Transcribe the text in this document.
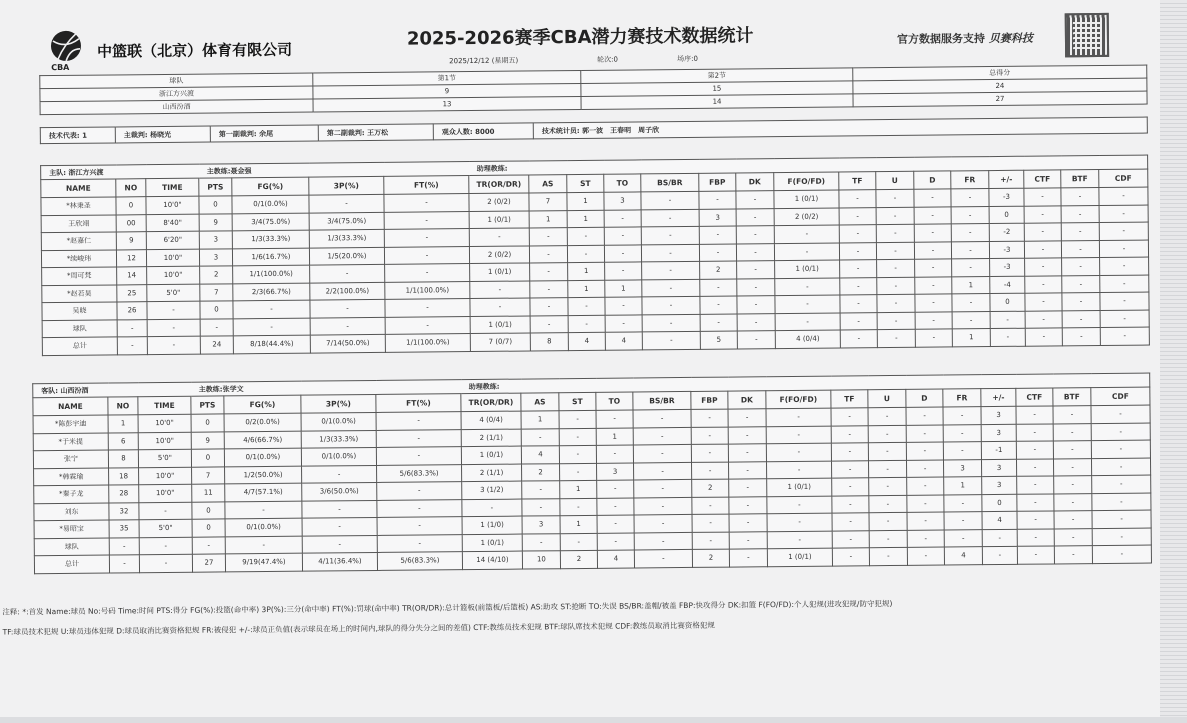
CBA
中篮联（北京）体育有限公司
2025-2026赛季CBA潜力赛技术数据统计
2025/12/12 (星期五)	轮次:0	场序:0
官方数据服务支持 贝赛科技
球队	第1节	第2节	总得分
浙江方兴渡	9	15	24
山西汾酒	13	14	27
技术代表: 1	主裁判: 杨晓光	第一副裁判: 余尾	第二副裁判: 王万松	观众人数: 8000	技术统计员: 郭一波　王春明　周子欣
主队: 浙江方兴渡			主教练:聂金强				助理教练:															
NAME	NO	TIME	PTS	FG(%)	3P(%)	FT(%)	TR(OR/DR)	AS	ST	TO	BS/BR	FBP	DK	F(FO/FD)	TF	U	D	FR	+/-	CTF	BTF	CDF
*林秉圣	0	10'0"	0	0/1(0.0%)	-	-	2 (0/2)	7	1	3	-	-	-	1 (0/1)	-	-	-	-	-3	-	-	-
王欣翊	00	8'40"	9	3/4(75.0%)	3/4(75.0%)	-	1 (0/1)	1	1	-	-	3	-	2 (0/2)	-	-	-	-	0	-	-	-
*赵嘉仁	9	6'20"	3	1/3(33.3%)	1/3(33.3%)	-	-	-	-	-	-	-	-	-	-	-	-	-	-2	-	-	-
*续峻玮	12	10'0"	3	1/6(16.7%)	1/5(20.0%)	-	2 (0/2)	-	-	-	-	-	-	-	-	-	-	-	-3	-	-	-
*周可梵	14	10'0"	2	1/1(100.0%)	-	-	1 (0/1)	-	1	-	-	2	-	1 (0/1)	-	-	-	-	-3	-	-	-
*赵若昊	25	5'0"	7	2/3(66.7%)	2/2(100.0%)	1/1(100.0%)	-	-	1	1	-	-	-	-	-	-	-	1	-4	-	-	-
吴晓	26	-	0	-	-	-	-	-	-	-	-	-	-	-	-	-	-	-	0	-	-	-
球队	-	-	-	-	-	-	1 (0/1)	-	-	-	-	-	-	-	-	-	-	-	-	-	-	-
总计	-	-	24	8/18(44.4%)	7/14(50.0%)	1/1(100.0%)	7 (0/7)	8	4	4	-	5	-	4 (0/4)	-	-	-	1	-	-	-	-
客队: 山西汾酒			主教练:张学文				助理教练:															
NAME	NO	TIME	PTS	FG(%)	3P(%)	FT(%)	TR(OR/DR)	AS	ST	TO	BS/BR	FBP	DK	F(FO/FD)	TF	U	D	FR	+/-	CTF	BTF	CDF
*陈彭宇迪	1	10'0"	0	0/2(0.0%)	0/1(0.0%)	-	4 (0/4)	1	-	-	-	-	-	-	-	-	-	-	3	-	-	-
*于米提	6	10'0"	9	4/6(66.7%)	1/3(33.3%)	-	2 (1/1)	-	-	1	-	-	-	-	-	-	-	-	3	-	-	-
张宁	8	5'0"	0	0/1(0.0%)	0/1(0.0%)	-	1 (0/1)	4	-	-	-	-	-	-	-	-	-	-	-1	-	-	-
*韩霖瑜	18	10'0"	7	1/2(50.0%)	-	5/6(83.3%)	2 (1/1)	2	-	3	-	-	-	-	-	-	-	3	3	-	-	-
*秦子龙	28	10'0"	11	4/7(57.1%)	3/6(50.0%)	-	3 (1/2)	-	1	-	-	2	-	1 (0/1)	-	-	-	1	3	-	-	-
刘东	32	-	0	-	-	-	-	-	-	-	-	-	-	-	-	-	-	-	0	-	-	-
*易昭宝	35	5'0"	0	0/1(0.0%)	-	-	1 (1/0)	3	1	-	-	-	-	-	-	-	-	-	4	-	-	-
球队	-	-	-	-	-	-	1 (0/1)	-	-	-	-	-	-	-	-	-	-	-	-	-	-	-
总计	-	-	27	9/19(47.4%)	4/11(36.4%)	5/6(83.3%)	14 (4/10)	10	2	4	-	2	-	1 (0/1)	-	-	-	4	-	-	-	-
注释: *:首发 Name:球员 No:号码 Time:时间 PTS:得分 FG(%):投篮(命中率) 3P(%):三分(命中率) FT(%):罚球(命中率) TR(OR/DR):总计篮板(前篮板/后篮板) AS:助攻 ST:抢断 TO:失误 BS/BR:盖帽/被盖 FBP:快攻得分 DK:扣篮 F(FO/FD):个人犯规(进攻犯规/防守犯规)
TF:球员技术犯规 U:球员违体犯规 D:球员取消比赛资格犯规 FR:被侵犯 +/-:球员正负值(表示球员在场上的时间内,球队的得分失分之间的差值) CTF:教练员技术犯规 BTF:球队席技术犯规 CDF:教练员取消比赛资格犯规
